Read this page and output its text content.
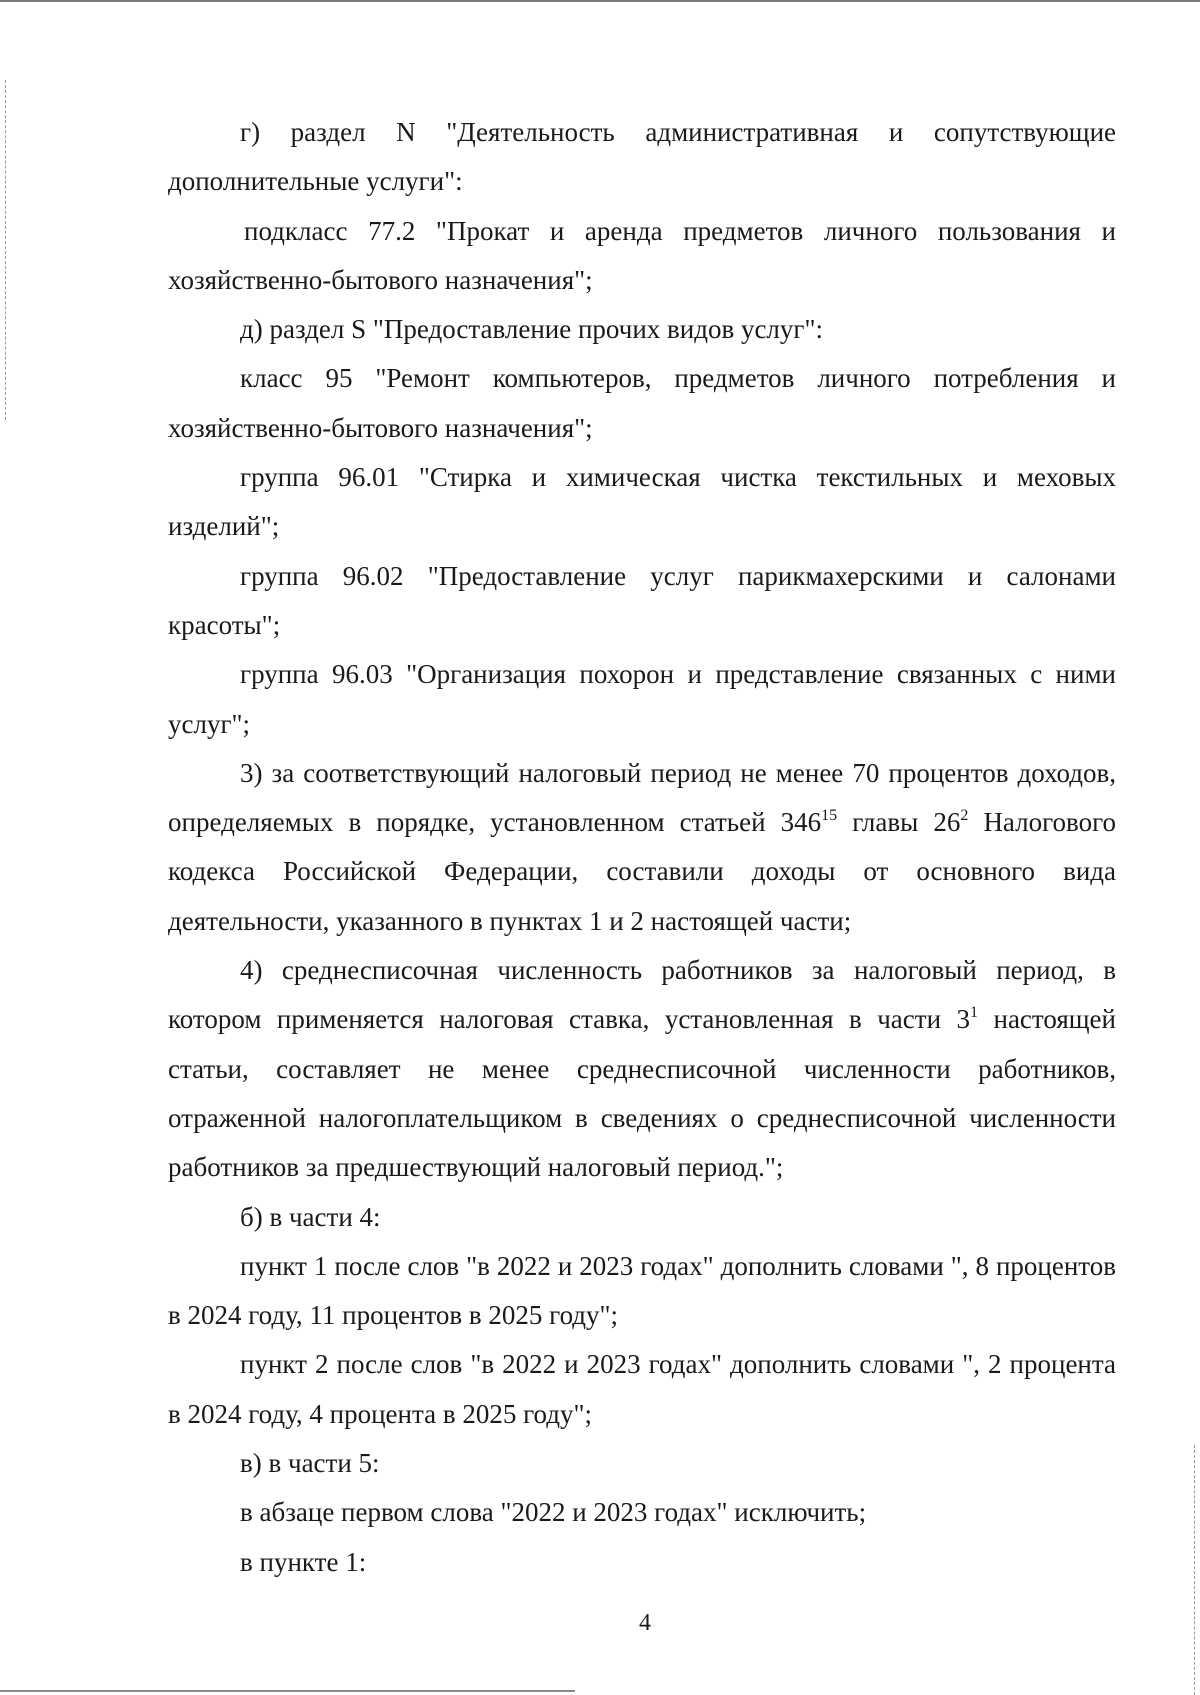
г) раздел N "Деятельность административная и сопутствующие дополнительные услуги":

подкласс 77.2 "Прокат и аренда предметов личного пользования и хозяйственно-бытового назначения";

д) раздел S "Предоставление прочих видов услуг":

класс 95 "Ремонт компьютеров, предметов личного потребления и хозяйственно-бытового назначения";

группа 96.01 "Стирка и химическая чистка текстильных и меховых изделий";

группа 96.02 "Предоставление услуг парикмахерскими и салонами красоты";

группа 96.03 "Организация похорон и представление связанных с ними услуг";

3) за соответствующий налоговый период не менее 70 процентов доходов, определяемых в порядке, установленном статьей $346^{15}$ главы $26^2$ Налогового кодекса Российской Федерации, составили доходы от основного вида деятельности, указанного в пунктах 1 и 2 настоящей части;

4) среднесписочная численность работников за налоговый период, в котором применяется налоговая ставка, установленная в части $3^1$ настоящей статьи, составляет не менее среднесписочной численности работников, отраженной налогоплательщиком в сведениях о среднесписочной численности работников за предшествующий налоговый период.";

б) в части 4:

пункт 1 после слов "в 2022 и 2023 годах" дополнить словами ", 8 процентов в 2024 году, 11 процентов в 2025 году";

пункт 2 после слов "в 2022 и 2023 годах" дополнить словами ", 2 процента в 2024 году, 4 процента в 2025 году";

в) в части 5:

в абзаце первом слова "2022 и 2023 годах" исключить;

в пункте 1:

4
